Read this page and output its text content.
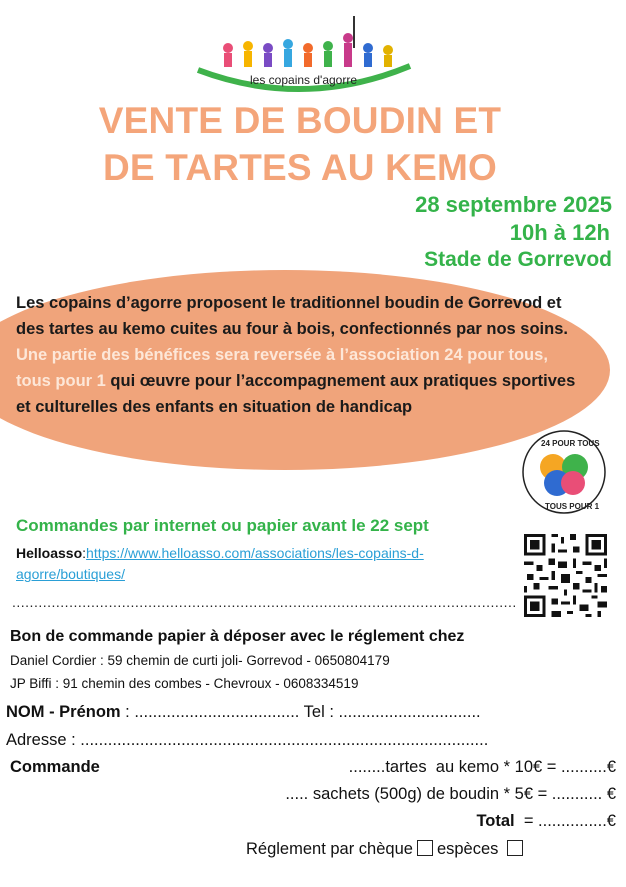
les copains d'agorre
VENTE DE BOUDIN ET
DE TARTES AU KEMO
28 septembre 2025
10h à 12h
Stade de Gorrevod
Les copains d’agorre proposent le traditionnel boudin de Gorrevod et des tartes au kemo cuites au four à bois, confectionnés par nos soins. Une partie des bénéfices sera reversée à l’association 24 pour tous, tous pour 1 qui œuvre pour l’accompagnement aux pratiques sportives et culturelles des enfants en situation de handicap
24 POUR TOUS
TOUS POUR 1
Commandes par internet ou papier avant le 22 sept
Helloasso:https://www.helloasso.com/associations/les-copains-d-agorre/boutiques/
...................................................................................................................
Bon de commande papier à déposer avec le réglement chez
Daniel Cordier : 59 chemin de curti joli- Gorrevod - 0650804179
JP Biffi : 91 chemin des combes - Chevroux - 0608334519
NOM - Prénom : .................................... Tel : ...............................
Adresse : .........................................................................................
Commande	........tartes  au kemo * 10€ = ..........€
..... sachets (500g) de boudin * 5€ = ........... €
Total  = ...............€
Réglement par chèque espèces
